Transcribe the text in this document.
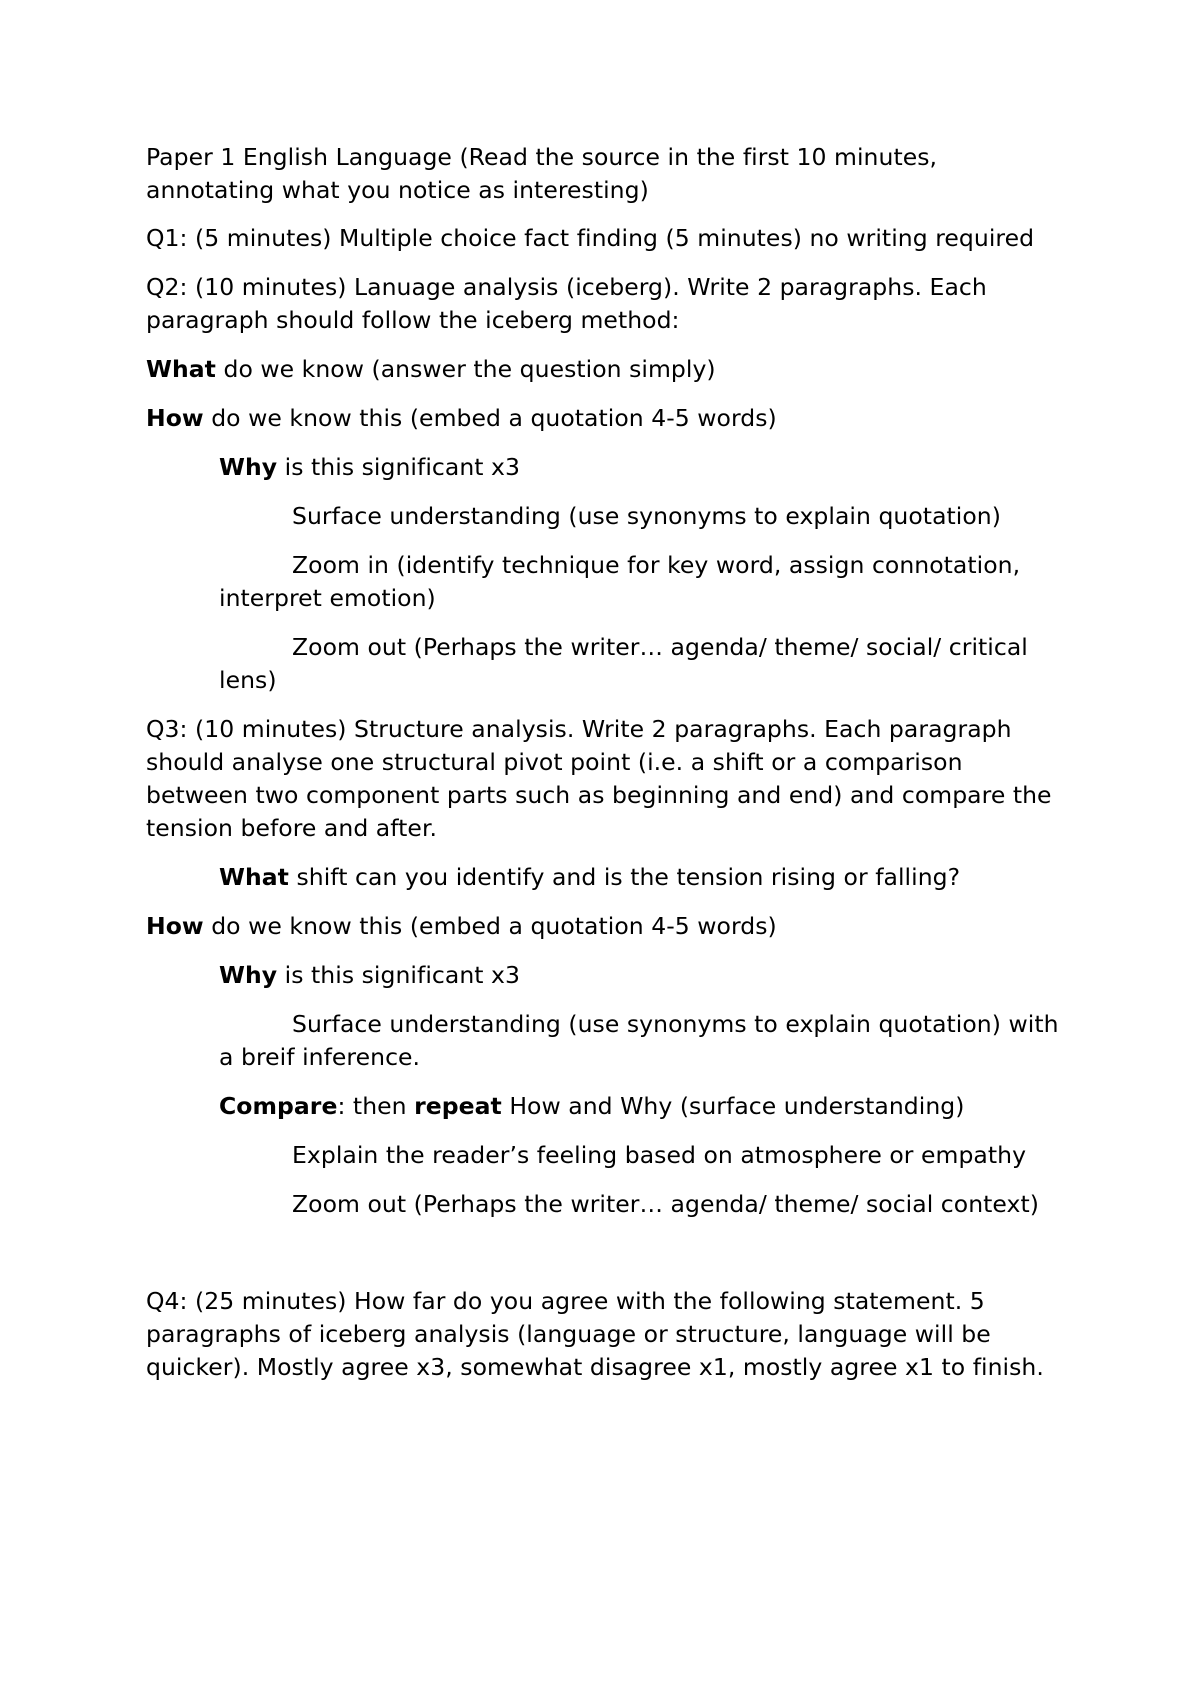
Paper 1 English Language (Read the source in the first 10 minutes, annotating what you notice as interesting)

Q1: (5 minutes) Multiple choice fact finding (5 minutes) no writing required

Q2: (10 minutes) Lanuage analysis (iceberg). Write 2 paragraphs. Each paragraph should follow the iceberg method:

What do we know (answer the question simply)

How do we know this (embed a quotation 4-5 words)

Why is this significant x3

Surface understanding (use synonyms to explain quotation)

Zoom in (identify technique for key word, assign connotation, interpret emotion)

Zoom out (Perhaps the writer… agenda/ theme/ social/ critical lens)

Q3: (10 minutes) Structure analysis. Write 2 paragraphs. Each paragraph should analyse one structural pivot point (i.e. a shift or a comparison between two component parts such as beginning and end) and compare the tension before and after.

What shift can you identify and is the tension rising or falling?

How do we know this (embed a quotation 4-5 words)

Why is this significant x3

Surface understanding (use synonyms to explain quotation) with a breif inference.

Compare: then repeat How and Why (surface understanding)

Explain the reader’s feeling based on atmosphere or empathy

Zoom out (Perhaps the writer… agenda/ theme/ social context)

Q4: (25 minutes) How far do you agree with the following statement. 5 paragraphs of iceberg analysis (language or structure, language will be quicker). Mostly agree x3, somewhat disagree x1, mostly agree x1 to finish.
